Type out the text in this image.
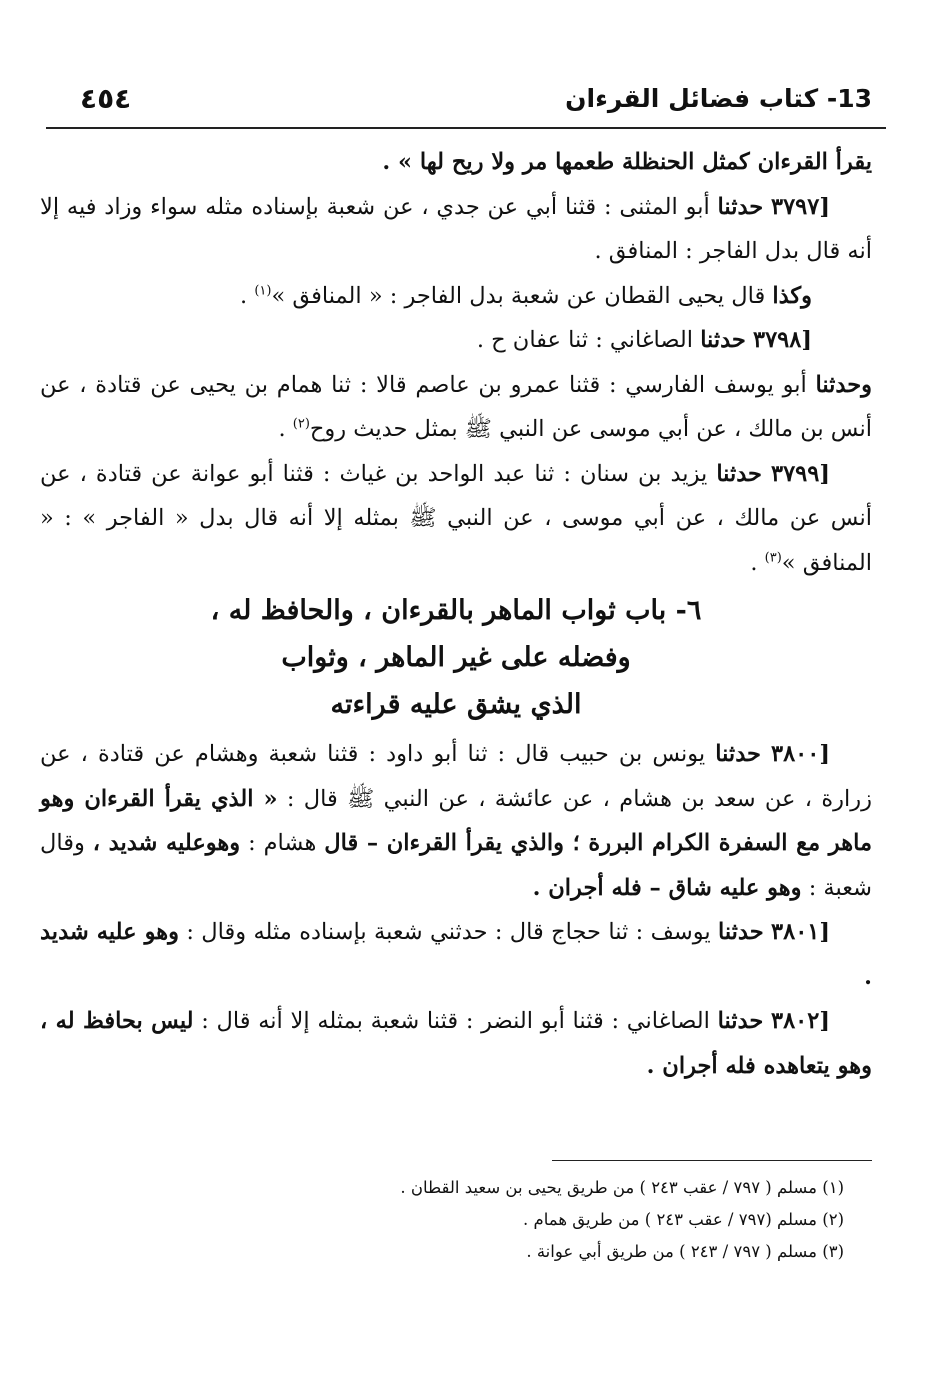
13- كتاب فضائل القرءان
٤٥٤

يقرأ القرءان كمثل الحنظلة طعمها مر ولا ريح لها » .

[٣٧٩٧ حدثنا أبو المثنى : قثنا أبي عن جدي ، عن شعبة بإسناده مثله سواء وزاد فيه إلا أنه قال بدل الفاجر : المنافق .

وكذا قال يحيى القطان عن شعبة بدل الفاجر : « المنافق »$^{(١)}$ .

[٣٧٩٨ حدثنا الصاغاني : ثنا عفان ح .

وحدثنا أبو يوسف الفارسي : قثنا عمرو بن عاصم قالا : ثنا همام بن يحيى عن قتادة ، عن أنس بن مالك ، عن أبي موسى عن النبي ﷺ بمثل حديث روح$^{(٢)}$ .

[٣٧٩٩ حدثنا يزيد بن سنان : ثنا عبد الواحد بن غياث : قثنا أبو عوانة عن قتادة ، عن أنس عن مالك ، عن أبي موسى ، عن النبي ﷺ بمثله إلا أنه قال بدل « الفاجر » : « المنافق »$^{(٣)}$ .

٦- باب ثواب الماهر بالقرءان ، والحافظ له ،
وفضله على غير الماهر ، وثواب
الذي يشق عليه قراءته

[٣٨٠٠ حدثنا يونس بن حبيب قال : ثنا أبو داود : قثنا شعبة وهشام عن قتادة ، عن زرارة ، عن سعد بن هشام ، عن عائشة ، عن النبي ﷺ قال : « الذي يقرأ القرءان وهو ماهر مع السفرة الكرام البررة ؛ والذي يقرأ القرءان – قال هشام : وهوعليه شديد ، وقال شعبة : وهو عليه شاق – فله أجران .

[٣٨٠١ حدثنا يوسف : ثنا حجاج قال : حدثني شعبة بإسناده مثله وقال : وهو عليه شديد .

[٣٨٠٢ حدثنا الصاغاني : قثنا أبو النضر : قثنا شعبة بمثله إلا أنه قال : ليس بحافظ له ، وهو يتعاهده فله أجران .

(١) مسلم ( ٧٩٧ / عقب ٢٤٣ ) من طريق يحيى بن سعيد القطان .
(٢) مسلم (٧٩٧ / عقب ٢٤٣ ) من طريق همام .
(٣) مسلم ( ٧٩٧ / ٢٤٣ ) من طريق أبي عوانة .
